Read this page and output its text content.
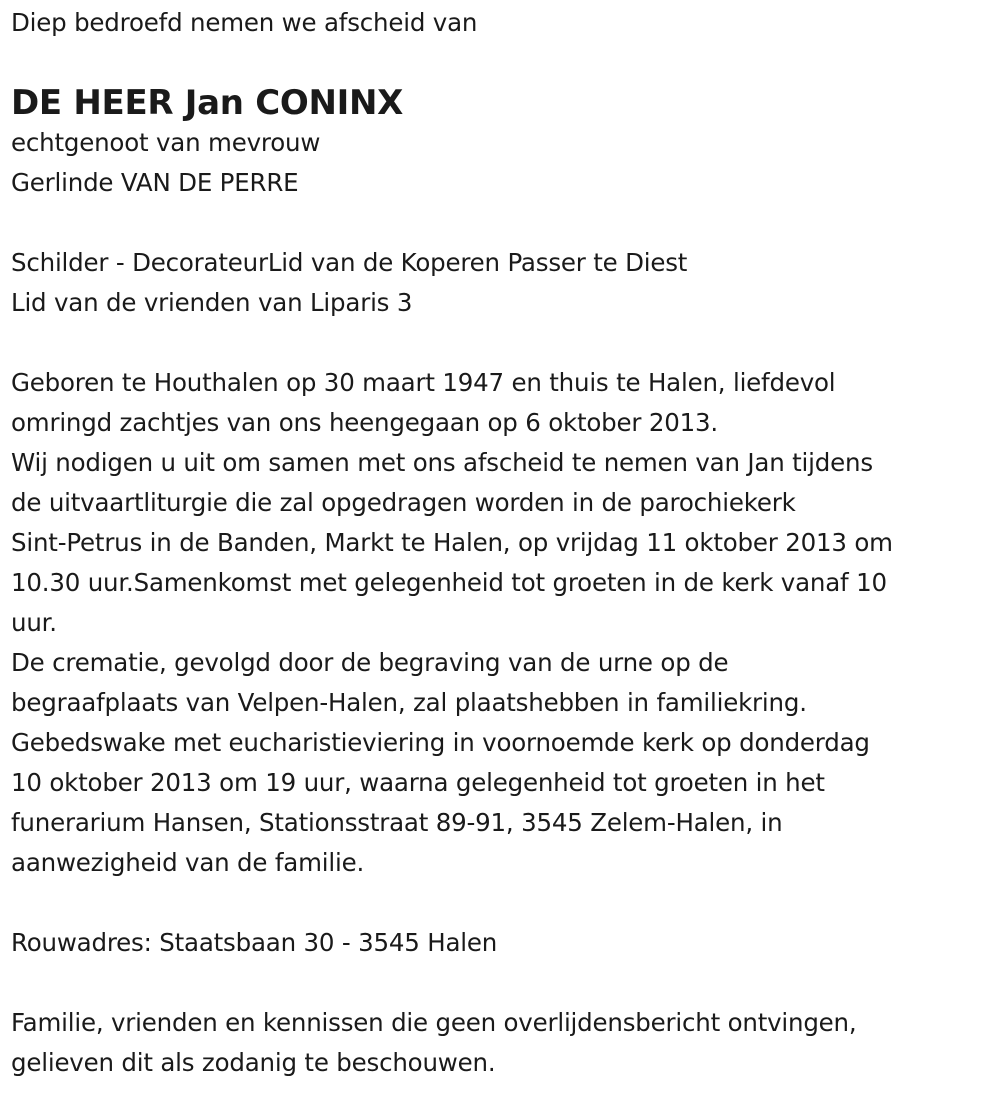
Diep bedroefd nemen we afscheid van
DE HEER Jan CONINX
echtgenoot van mevrouw
Gerlinde VAN DE PERRE
Schilder - DecorateurLid van de Koperen Passer te Diest
Lid van de vrienden van Liparis 3
Geboren te Houthalen op 30 maart 1947 en thuis te Halen, liefdevol
omringd zachtjes van ons heengegaan op 6 oktober 2013.
Wij nodigen u uit om samen met ons afscheid te nemen van Jan tijdens
de uitvaartliturgie die zal opgedragen worden in de parochiekerk
Sint-Petrus in de Banden, Markt te Halen, op vrijdag 11 oktober 2013 om
10.30 uur.Samenkomst met gelegenheid tot groeten in de kerk vanaf 10
uur.
De crematie, gevolgd door de begraving van de urne op de
begraafplaats van Velpen-Halen, zal plaatshebben in familiekring.
Gebedswake met eucharistieviering in voornoemde kerk op donderdag
10 oktober 2013 om 19 uur, waarna gelegenheid tot groeten in het
funerarium Hansen, Stationsstraat 89-91, 3545 Zelem-Halen, in
aanwezigheid van de familie.
Rouwadres: Staatsbaan 30 - 3545 Halen
Familie, vrienden en kennissen die geen overlijdensbericht ontvingen,
gelieven dit als zodanig te beschouwen.
